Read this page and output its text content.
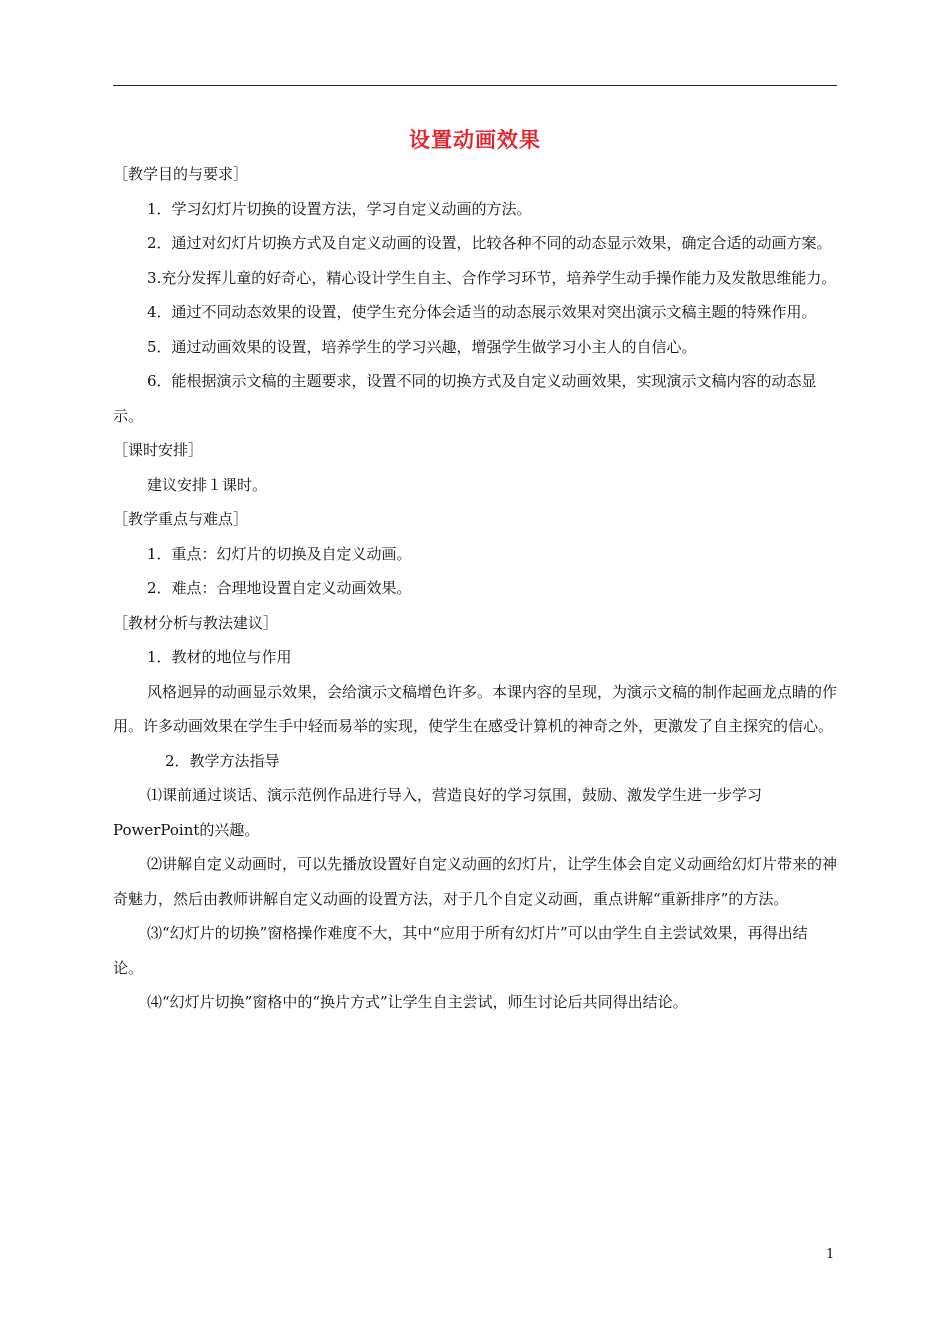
设置动画效果

［教学目的与要求］

1．学习幻灯片切换的设置方法，学习自定义动画的方法。

2．通过对幻灯片切换方式及自定义动画的设置，比较各种不同的动态显示效果，确定合适的动画方案。

3.充分发挥儿童的好奇心，精心设计学生自主、合作学习环节，培养学生动手操作能力及发散思维能力。

4．通过不同动态效果的设置，使学生充分体会适当的动态展示效果对突出演示文稿主题的特殊作用。

5．通过动画效果的设置，培养学生的学习兴趣，增强学生做学习小主人的自信心。

6．能根据演示文稿的主题要求，设置不同的切换方式及自定义动画效果，实现演示文稿内容的动态显示。

［课时安排］

建议安排１课时。

［教学重点与难点］

1．重点：幻灯片的切换及自定义动画。

2．难点：合理地设置自定义动画效果。

［教材分析与教法建议］

1．教材的地位与作用

风格迥异的动画显示效果，会给演示文稿增色许多。本课内容的呈现，为演示文稿的制作起画龙点睛的作用。许多动画效果在学生手中轻而易举的实现，使学生在感受计算机的神奇之外，更激发了自主探究的信心。

2．教学方法指导

⑴课前通过谈话、演示范例作品进行导入，营造良好的学习氛围，鼓励、激发学生进一步学习PowerPoint的兴趣。

⑵讲解自定义动画时，可以先播放设置好自定义动画的幻灯片，让学生体会自定义动画给幻灯片带来的神奇魅力，然后由教师讲解自定义动画的设置方法，对于几个自定义动画，重点讲解“重新排序”的方法。

⑶“幻灯片的切换”窗格操作难度不大，其中“应用于所有幻灯片”可以由学生自主尝试效果，再得出结论。

⑷“幻灯片切换”窗格中的“换片方式”让学生自主尝试，师生讨论后共同得出结论。

1
